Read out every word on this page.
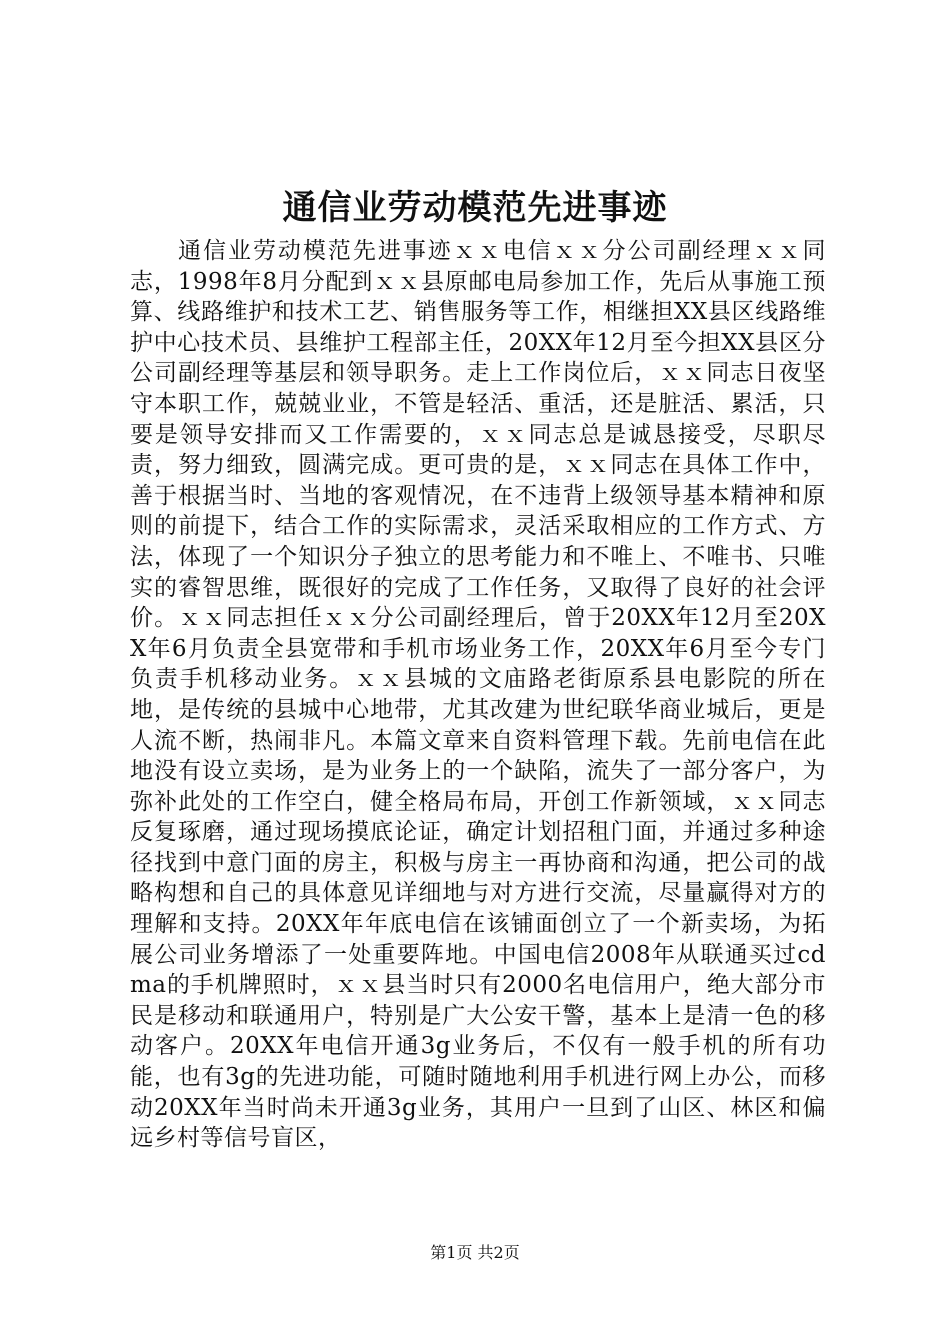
通信业劳动模范先进事迹

通信业劳动模范先进事迹ｘｘ电信ｘｘ分公司副经理ｘｘ同志，1998年8月分配到ｘｘ县原邮电局参加工作，先后从事施工预算、线路维护和技术工艺、销售服务等工作，相继担XX县区线路维护中心技术员、县维护工程部主任，20XX年12月至今担XX县区分公司副经理等基层和领导职务。走上工作岗位后，ｘｘ同志日夜坚守本职工作，兢兢业业，不管是轻活、重活，还是脏活、累活，只要是领导安排而又工作需要的，ｘｘ同志总是诚恳接受，尽职尽责，努力细致，圆满完成。更可贵的是，ｘｘ同志在具体工作中，善于根据当时、当地的客观情况，在不违背上级领导基本精神和原则的前提下，结合工作的实际需求，灵活采取相应的工作方式、方法，体现了一个知识分子独立的思考能力和不唯上、不唯书、只唯实的睿智思维，既很好的完成了工作任务，又取得了良好的社会评价。ｘｘ同志担任ｘｘ分公司副经理后，曾于20XX年12月至20XX年6月负责全县宽带和手机市场业务工作，20XX年6月至今专门负责手机移动业务。ｘｘ县城的文庙路老街原系县电影院的所在地，是传统的县城中心地带，尤其改建为世纪联华商业城后，更是人流不断，热闹非凡。本篇文章来自资料管理下载。先前电信在此地没有设立卖场，是为业务上的一个缺陷，流失了一部分客户，为弥补此处的工作空白，健全格局布局，开创工作新领域，ｘｘ同志反复琢磨，通过现场摸底论证，确定计划招租门面，并通过多种途径找到中意门面的房主，积极与房主一再协商和沟通，把公司的战略构想和自己的具体意见详细地与对方进行交流，尽量赢得对方的理解和支持。20XX年年底电信在该铺面创立了一个新卖场，为拓展公司业务增添了一处重要阵地。中国电信2008年从联通买过cdma的手机牌照时，ｘｘ县当时只有2000名电信用户，绝大部分市民是移动和联通用户，特别是广大公安干警，基本上是清一色的移动客户。20XX年电信开通3g业务后，不仅有一般手机的所有功能，也有3g的先进功能，可随时随地利用手机进行网上办公，而移动20XX年当时尚未开通3g业务，其用户一旦到了山区、林区和偏远乡村等信号盲区，

第1页 共2页
